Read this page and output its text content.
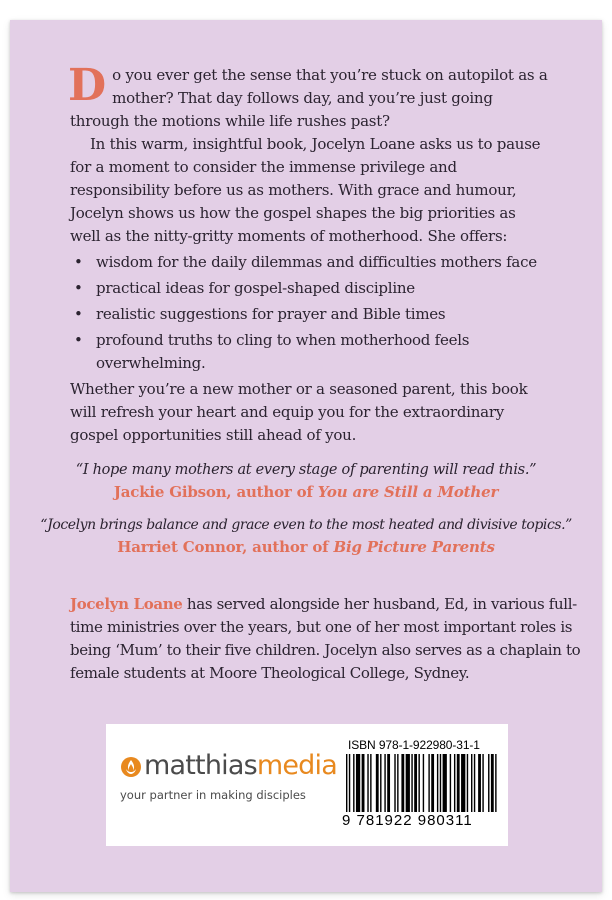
Do you ever get the sense that you’re stuck on autopilot as a mother? That day follows day, and you’re just going through the motions while life rushes past?

In this warm, insightful book, Jocelyn Loane asks us to pause for a moment to consider the immense privilege and responsibility before us as mothers. With grace and humour, Jocelyn shows us how the gospel shapes the big priorities as well as the nitty-gritty moments of motherhood. She offers:

• wisdom for the daily dilemmas and difficulties mothers face
• practical ideas for gospel-shaped discipline
• realistic suggestions for prayer and Bible times
• profound truths to cling to when motherhood feels overwhelming.

Whether you’re a new mother or a seasoned parent, this book will refresh your heart and equip you for the extraordinary gospel opportunities still ahead of you.

“I hope many mothers at every stage of parenting will read this.”
Jackie Gibson, author of You are Still a Mother
“Jocelyn brings balance and grace even to the most heated and divisive topics.”
Harriet Connor, author of Big Picture Parents

Jocelyn Loane has served alongside her husband, Ed, in various full-time ministries over the years, but one of her most important roles is being ‘Mum’ to their five children. Jocelyn also serves as a chaplain to female students at Moore Theological College, Sydney.

matthiasmedia
your partner in making disciples
ISBN 978-1-922980-31-1
9 781922 980311
